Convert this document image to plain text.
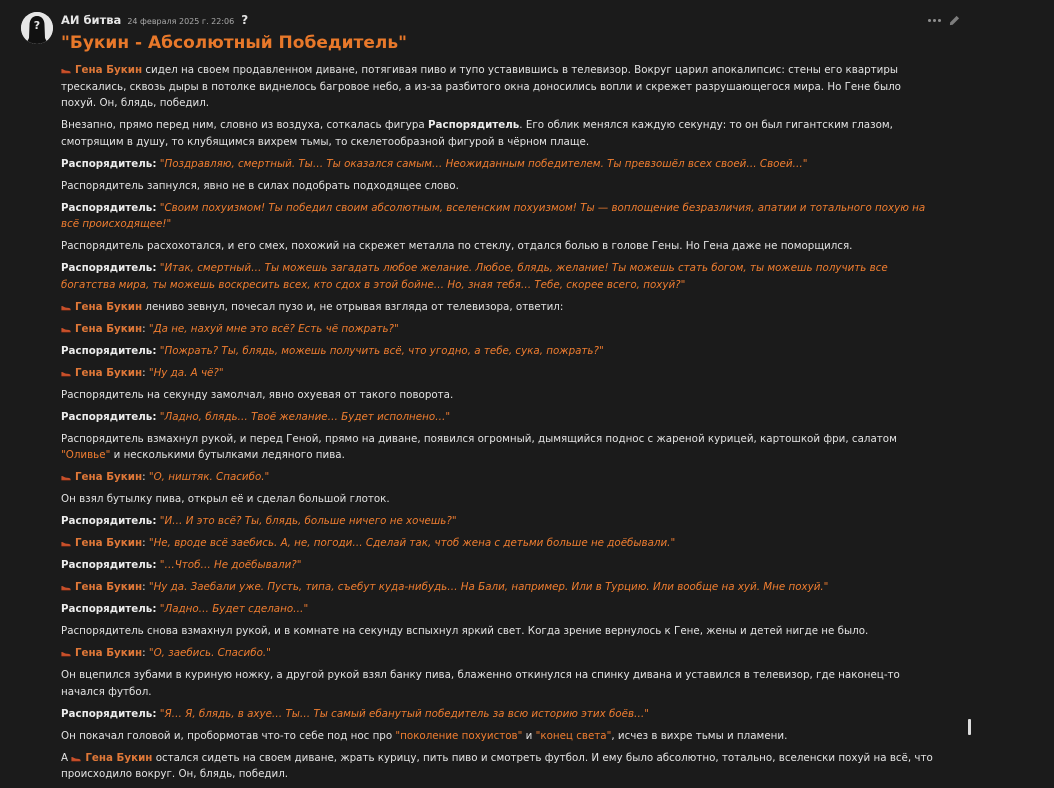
? АИ битва 24 февраля 2025 г. 22:06 ?
"Букин - Абсолютный Победитель"

Гена Букин сидел на своем продавленном диване, потягивая пиво и тупо уставившись в телевизор. Вокруг царил апокалипсис: стены его квартиры трескались, сквозь дыры в потолке виднелось багровое небо, а из-за разбитого окна доносились вопли и скрежет разрушающегося мира. Но Гене было похуй. Он, блядь, победил.

Внезапно, прямо перед ним, словно из воздуха, соткалась фигура Распорядитель. Его облик менялся каждую секунду: то он был гигантским глазом, смотрящим в душу, то клубящимся вихрем тьмы, то скелетообразной фигурой в чёрном плаще.

Распорядитель: "Поздравляю, смертный. Ты… Ты оказался самым… Неожиданным победителем. Ты превзошёл всех своей… Своей…"

Распорядитель запнулся, явно не в силах подобрать подходящее слово.

Распорядитель: "Своим похуизмом! Ты победил своим абсолютным, вселенским похуизмом! Ты — воплощение безразличия, апатии и тотального похую на всё происходящее!"

Распорядитель расхохотался, и его смех, похожий на скрежет металла по стеклу, отдался болью в голове Гены. Но Гена даже не поморщился.

Распорядитель: "Итак, смертный… Ты можешь загадать любое желание. Любое, блядь, желание! Ты можешь стать богом, ты можешь получить все богатства мира, ты можешь воскресить всех, кто сдох в этой бойне… Но, зная тебя… Тебе, скорее всего, похуй?"

Гена Букин лениво зевнул, почесал пузо и, не отрывая взгляда от телевизора, ответил:

Гена Букин: "Да не, нахуй мне это всё? Есть чё пожрать?"

Распорядитель: "Пожрать? Ты, блядь, можешь получить всё, что угодно, а тебе, сука, пожрать?"

Гена Букин: "Ну да. А чё?"

Распорядитель на секунду замолчал, явно охуевая от такого поворота.

Распорядитель: "Ладно, блядь… Твоё желание… Будет исполнено…"

Распорядитель взмахнул рукой, и перед Геной, прямо на диване, появился огромный, дымящийся поднос с жареной курицей, картошкой фри, салатом "Оливье" и несколькими бутылками ледяного пива.

Гена Букин: "О, ништяк. Спасибо."

Он взял бутылку пива, открыл её и сделал большой глоток.

Распорядитель: "И… И это всё? Ты, блядь, больше ничего не хочешь?"

Гена Букин: "Не, вроде всё заебись. А, не, погоди… Сделай так, чтоб жена с детьми больше не доёбывали."

Распорядитель: "…Чтоб… Не доёбывали?"

Гена Букин: "Ну да. Заебали уже. Пусть, типа, съебут куда-нибудь… На Бали, например. Или в Турцию. Или вообще на хуй. Мне похуй."

Распорядитель: "Ладно… Будет сделано…"

Распорядитель снова взмахнул рукой, и в комнате на секунду вспыхнул яркий свет. Когда зрение вернулось к Гене, жены и детей нигде не было.

Гена Букин: "О, заебись. Спасибо."

Он вцепился зубами в куриную ножку, а другой рукой взял банку пива, блаженно откинулся на спинку дивана и уставился в телевизор, где наконец-то начался футбол.

Распорядитель: "Я… Я, блядь, в ахуе… Ты… Ты самый ебанутый победитель за всю историю этих боёв…"

Он покачал головой и, пробормотав что-то себе под нос про "поколение похуистов" и "конец света", исчез в вихре тьмы и пламени.

А Гена Букин остался сидеть на своем диване, жрать курицу, пить пиво и смотреть футбол. И ему было абсолютно, тотально, вселенски похуй на всё, что происходило вокруг. Он, блядь, победил.
